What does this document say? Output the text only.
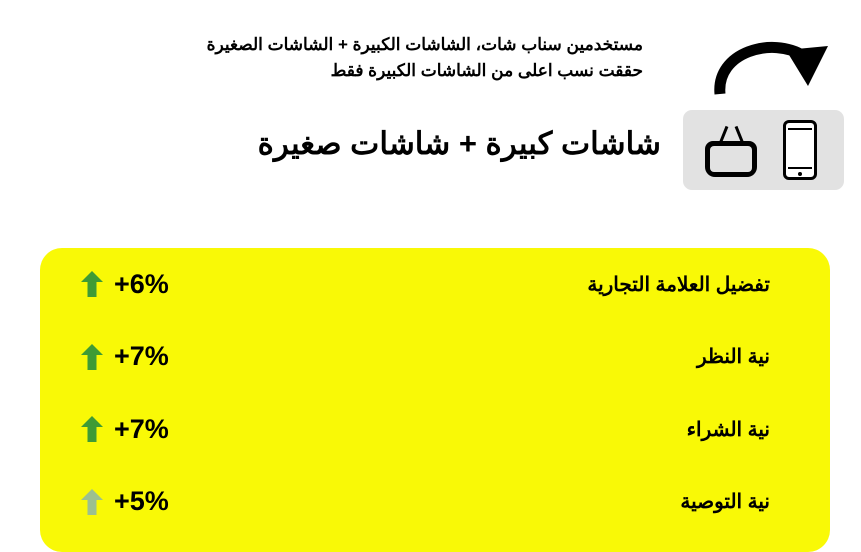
مستخدمين سناب شات، الشاشات الكبيرة + الشاشات الصغيرة
حققت نسب اعلى من الشاشات الكبيرة فقط
شاشات كبيرة + شاشات صغيرة
تفضيل العلامة التجارية
+6%
نية النظر
+7%
نية الشراء
+7%
نية التوصية
+5%
